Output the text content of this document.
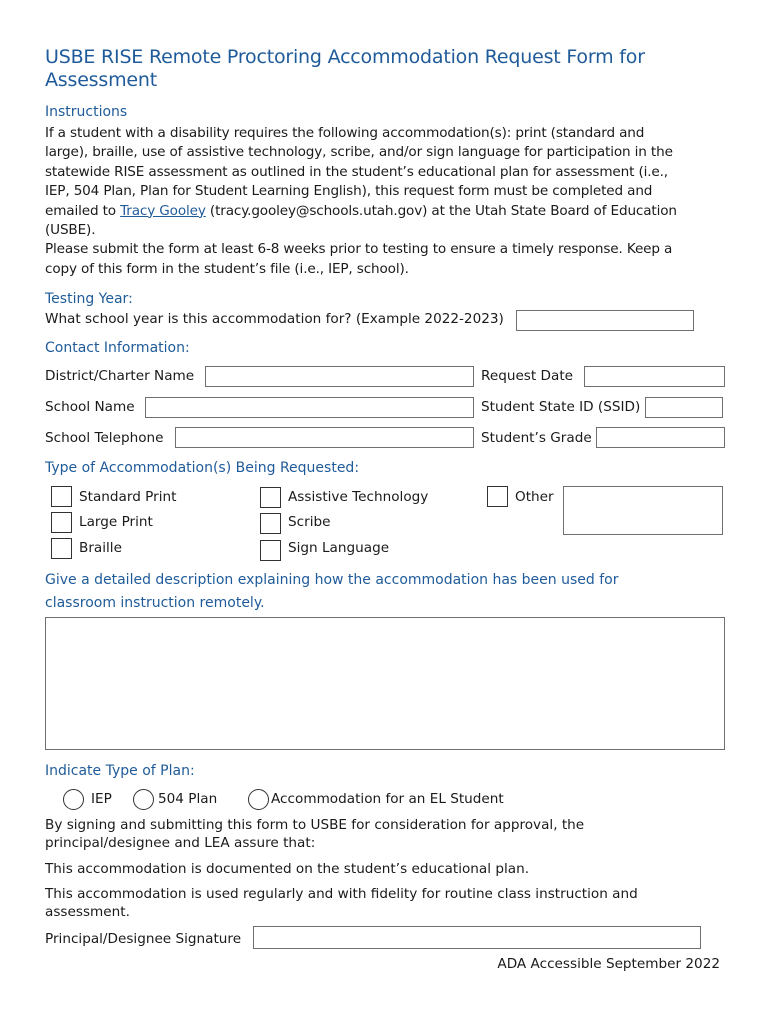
USBE RISE Remote Proctoring Accommodation Request Form for
Assessment
Instructions
If a student with a disability requires the following accommodation(s): print (standard and
large), braille, use of assistive technology, scribe, and/or sign language for participation in the
statewide RISE assessment as outlined in the student’s educational plan for assessment (i.e.,
IEP, 504 Plan, Plan for Student Learning English), this request form must be completed and
emailed to Tracy Gooley (tracy.gooley@schools.utah.gov) at the Utah State Board of Education
(USBE).
Please submit the form at least 6-8 weeks prior to testing to ensure a timely response. Keep a
copy of this form in the student’s file (i.e., IEP, school).
Testing Year:
What school year is this accommodation for? (Example 2022-2023)
Contact Information:
District/Charter Name	Request Date
School Name	Student State ID (SSID)
School Telephone	Student’s Grade
Type of Accommodation(s) Being Requested:
Standard Print
Large Print
Braille
Assistive Technology
Scribe
Sign Language
Other
Give a detailed description explaining how the accommodation has been used for
classroom instruction remotely.
Indicate Type of Plan:
IEP	504 Plan	Accommodation for an EL Student
By signing and submitting this form to USBE for consideration for approval, the
principal/designee and LEA assure that:
This accommodation is documented on the student’s educational plan.
This accommodation is used regularly and with fidelity for routine class instruction and
assessment.
Principal/Designee Signature
ADA Accessible September 2022
